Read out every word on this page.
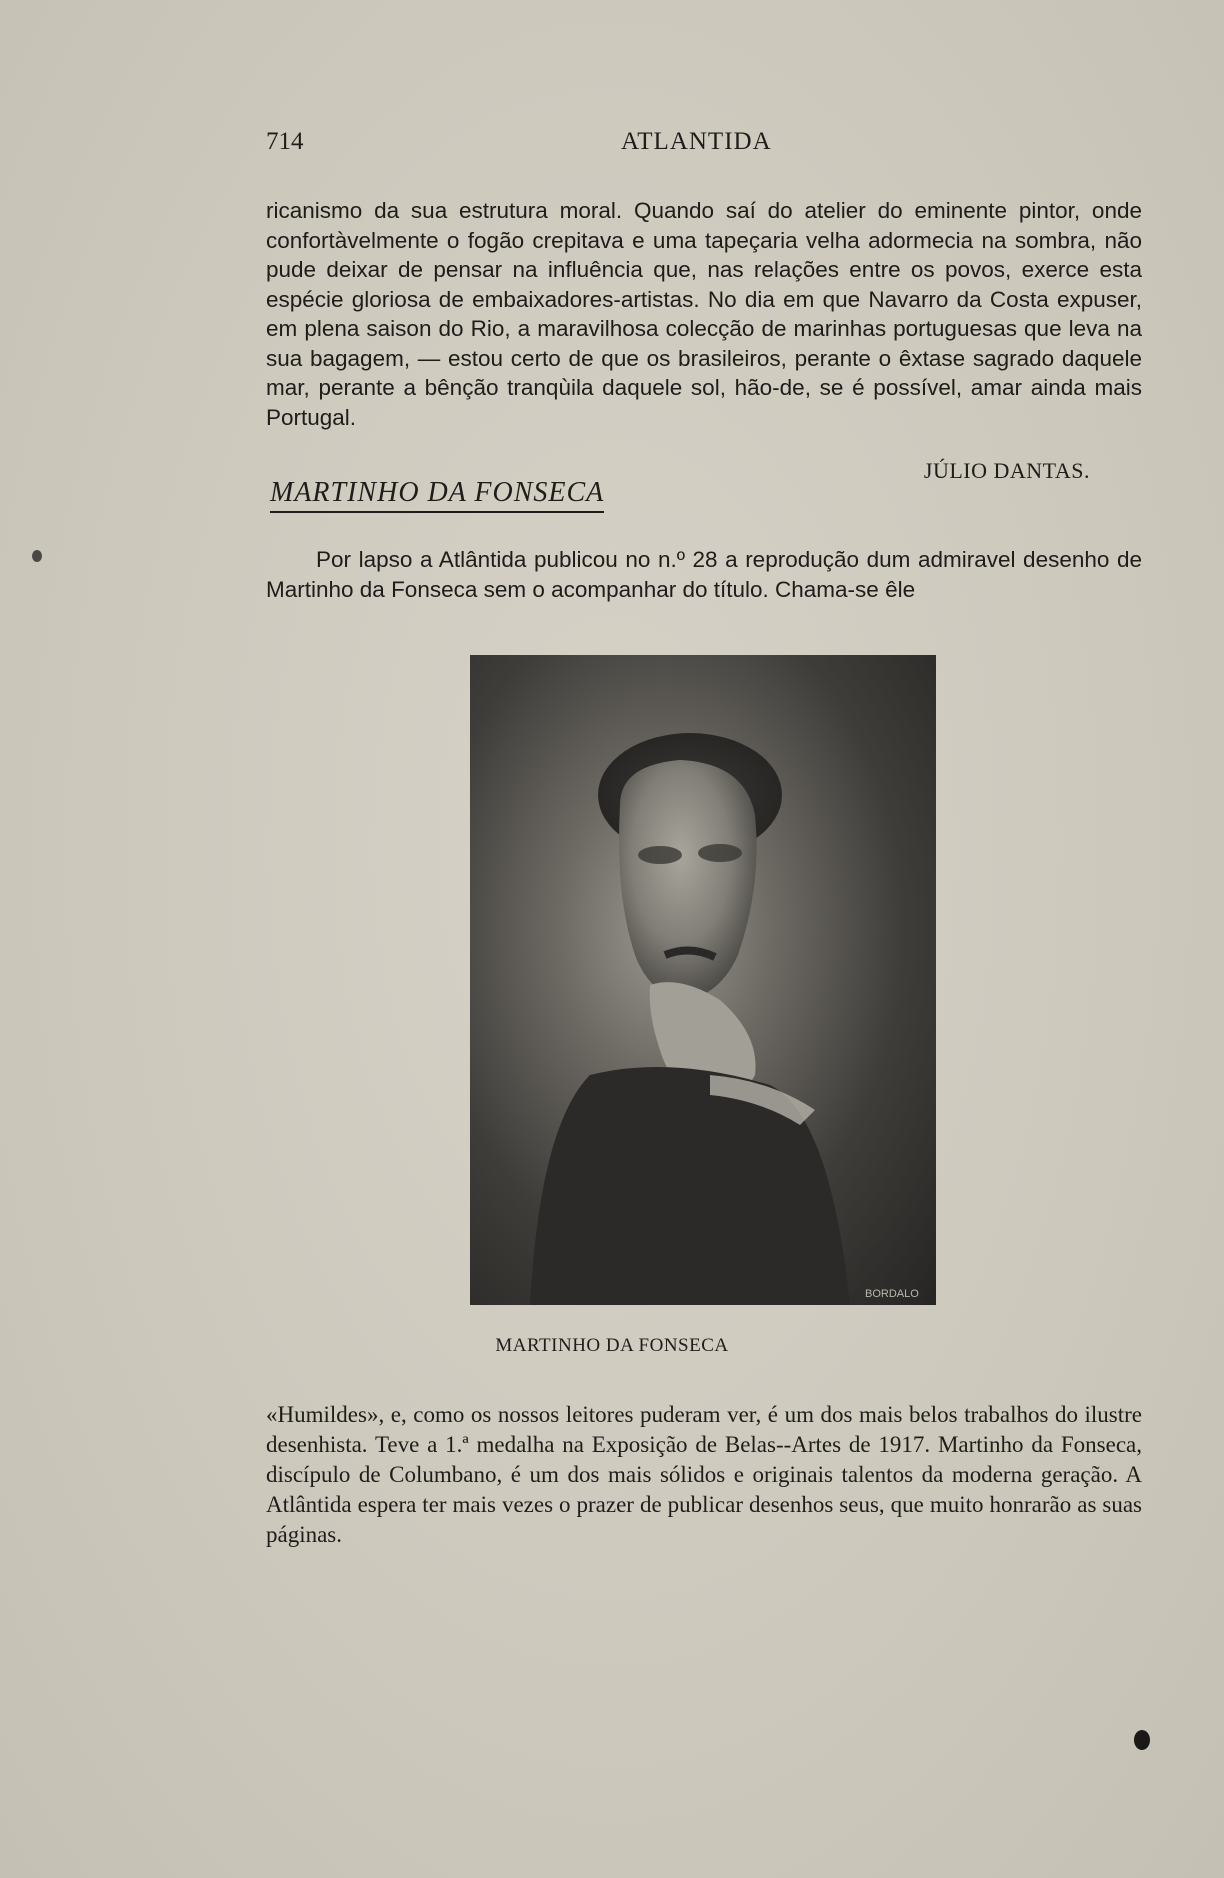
714	ATLANTIDA

ricanismo da sua estrutura moral. Quando saí do atelier do eminente pintor, onde confortàvelmente o fogão crepitava e uma tapeçaria velha adormecia na sombra, não pude deixar de pensar na influência que, nas relações entre os povos, exerce esta espécie gloriosa de embaixadores-artistas. No dia em que Navarro da Costa expuser, em plena saison do Rio, a maravilhosa colecção de marinhas portuguesas que leva na sua bagagem, — estou certo de que os brasileiros, perante o êxtase sagrado daquele mar, perante a bênção tranqùila daquele sol, hão-de, se é possível, amar ainda mais Portugal.

JÚLIO DANTAS.
MARTINHO DA FONSECA

Por lapso a Atlântida publicou no n.º 28 a reprodução dum admiravel desenho de Martinho da Fonseca sem o acompanhar do título. Chama-se êle

BORDALO
MARTINHO DA FONSECA

«Humildes», e, como os nossos leitores puderam ver, é um dos mais belos trabalhos do ilustre desenhista. Teve a 1.ª medalha na Exposição de Belas--Artes de 1917. Martinho da Fonseca, discípulo de Columbano, é um dos mais sólidos e originais talentos da moderna geração. A Atlântida espera ter mais vezes o prazer de publicar desenhos seus, que muito honrarão as suas páginas.
